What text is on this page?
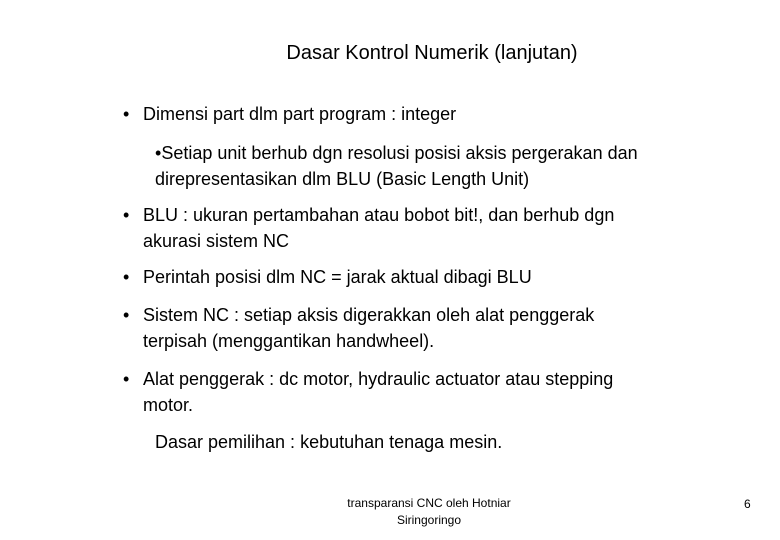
Dasar Kontrol Numerik (lanjutan)
• Dimensi part dlm part program : integer
•Setiap unit berhub dgn resolusi posisi aksis pergerakan dan
direpresentasikan dlm BLU (Basic Length Unit)
• BLU : ukuran pertambahan atau bobot bit!, dan berhub dgn
akurasi sistem NC
• Perintah posisi dlm NC = jarak aktual dibagi BLU
• Sistem NC : setiap aksis digerakkan oleh alat penggerak
terpisah (menggantikan handwheel).
• Alat penggerak : dc motor, hydraulic actuator atau stepping
motor.
Dasar pemilihan : kebutuhan tenaga mesin.
transparansi CNC oleh Hotniar
Siringoringo
6
